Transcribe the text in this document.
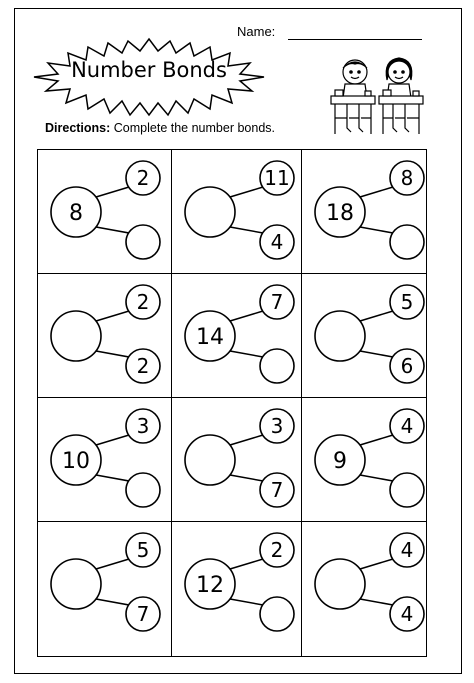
Name:
Number Bonds
Directions: Complete the number bonds.
8
2	11
4
18
8
2
2
14
7	5
6
10
3	3
7
9
4
5
7
12
2	4
4
